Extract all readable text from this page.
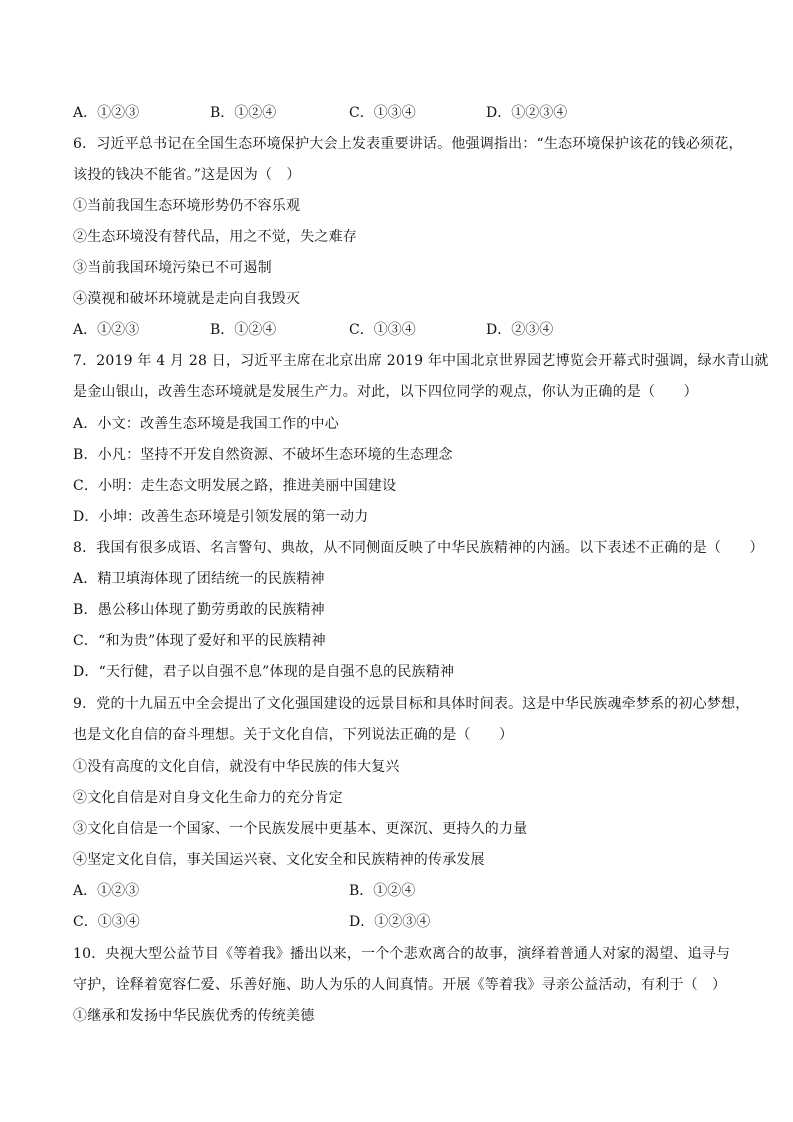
A．①②③	B．①②④	C．①③④	D．①②③④
6．习近平总书记在全国生态环境保护大会上发表重要讲话。他强调指出：“生态环境保护该花的钱必须花，
该投的钱决不能省。”这是因为（　）
①当前我国生态环境形势仍不容乐观
②生态环境没有替代品，用之不觉，失之难存
③当前我国环境污染已不可遏制
④漠视和破坏环境就是走向自我毁灭
A．①②③	B．①②④	C．①③④	D．②③④
7．2019 年 4 月 28 日，习近平主席在北京出席 2019 年中国北京世界园艺博览会开幕式时强调，绿水青山就
是金山银山，改善生态环境就是发展生产力。对此，以下四位同学的观点，你认为正确的是（　　）
A．小文：改善生态环境是我国工作的中心
B．小凡：坚持不开发自然资源、不破坏生态环境的生态理念
C．小明：走生态文明发展之路，推进美丽中国建设
D．小坤：改善生态环境是引领发展的第一动力
8．我国有很多成语、名言警句、典故，从不同侧面反映了中华民族精神的内涵。以下表述不正确的是（　　）
A．精卫填海体现了团结统一的民族精神
B．愚公移山体现了勤劳勇敢的民族精神
C．“和为贵”体现了爱好和平的民族精神
D．“天行健，君子以自强不息”体现的是自强不息的民族精神
9．党的十九届五中全会提出了文化强国建设的远景目标和具体时间表。这是中华民族魂牵梦系的初心梦想，
也是文化自信的奋斗理想。关于文化自信，下列说法正确的是（　　）
①没有高度的文化自信，就没有中华民族的伟大复兴
②文化自信是对自身文化生命力的充分肯定
③文化自信是一个国家、一个民族发展中更基本、更深沉、更持久的力量
④坚定文化自信，事关国运兴衰、文化安全和民族精神的传承发展
A．①②③	B．①②④
C．①③④	D．①②③④
10．央视大型公益节目《等着我》播出以来，一个个悲欢离合的故事，演绎着普通人对家的渴望、追寻与
守护，诠释着宽容仁爱、乐善好施、助人为乐的人间真情。开展《等着我》寻亲公益活动，有利于（　）
①继承和发扬中华民族优秀的传统美德
